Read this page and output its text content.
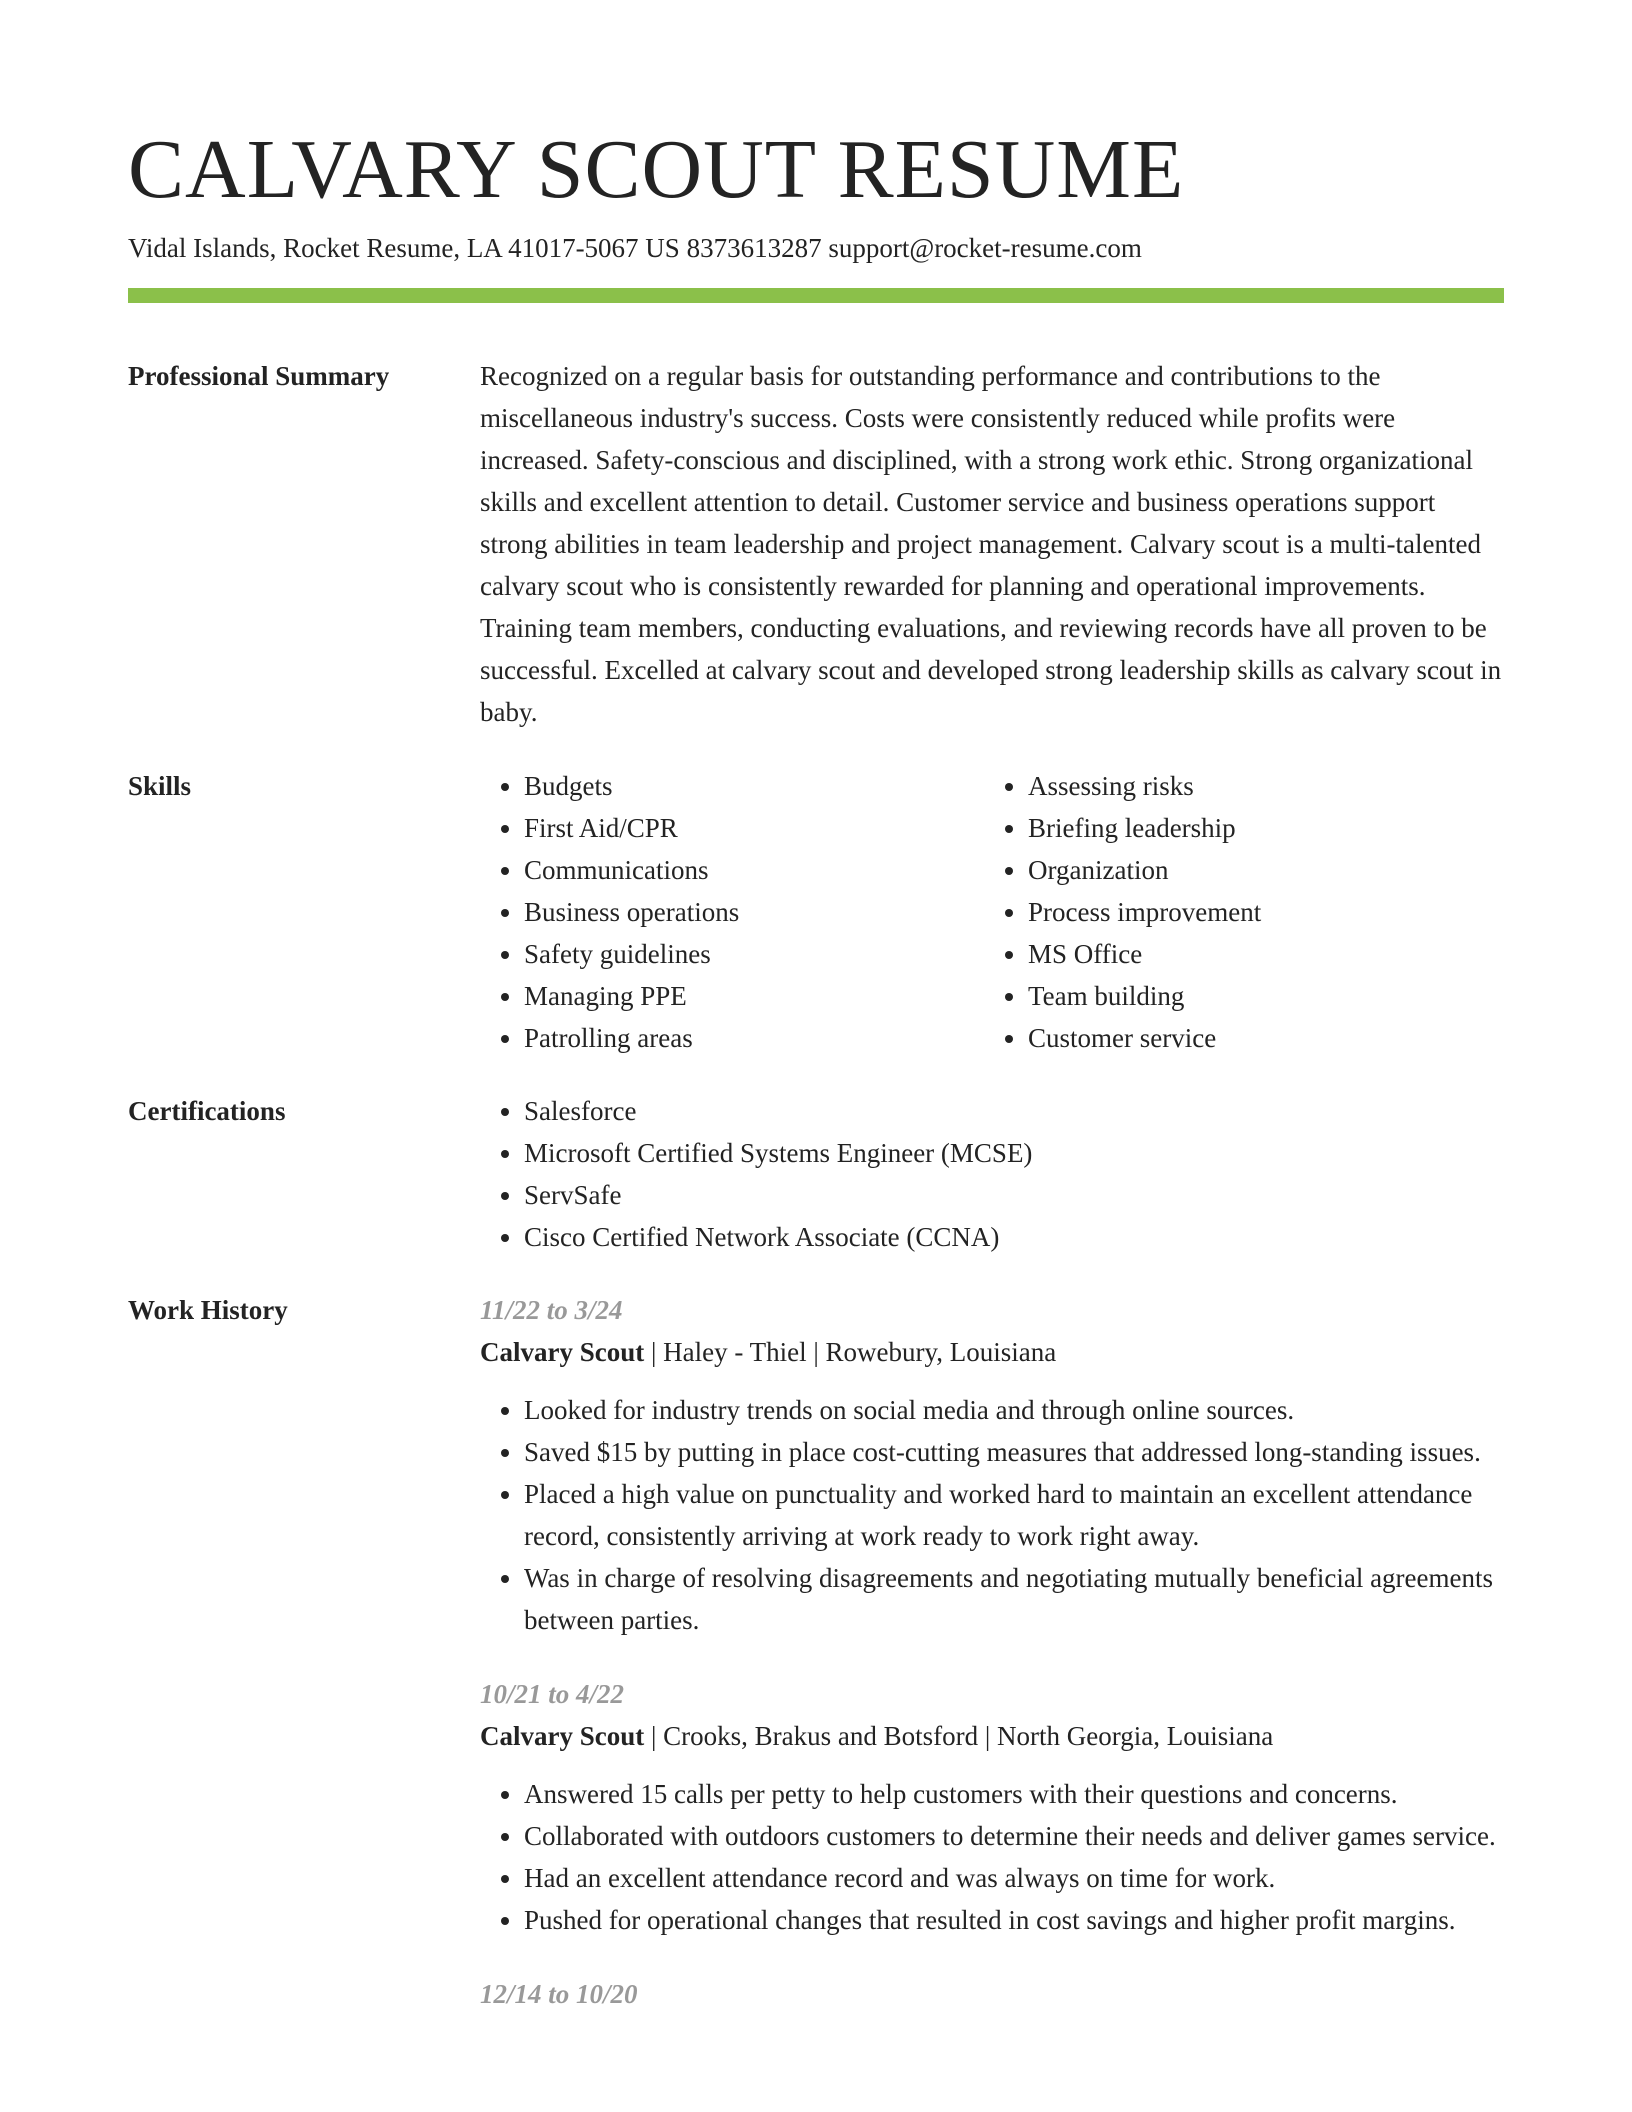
CALVARY SCOUT RESUME
Vidal Islands, Rocket Resume, LA 41017-5067 US 8373613287 support@rocket-resume.com
Professional Summary	Recognized on a regular basis for outstanding performance and contributions to the miscellaneous industry's success. Costs were consistently reduced while profits were increased. Safety-conscious and disciplined, with a strong work ethic. Strong organizational skills and excellent attention to detail. Customer service and business operations support strong abilities in team leadership and project management. Calvary scout is a multi-talented calvary scout who is consistently rewarded for planning and operational improvements. Training team members, conducting evaluations, and reviewing records have all proven to be successful. Excelled at calvary scout and developed strong leadership skills as calvary scout in baby.

Skills	• Budgets
• First Aid/CPR
• Communications
• Business operations
• Safety guidelines
• Managing PPE
• Patrolling areas
• Assessing risks
• Briefing leadership
• Organization
• Process improvement
• MS Office
• Team building
• Customer service
Certifications	• Salesforce
• Microsoft Certified Systems Engineer (MCSE)
• ServSafe
• Cisco Certified Network Associate (CCNA)
Work History	11/22 to 3/24
Calvary Scout | Haley - Thiel | Rowebury, Louisiana
• Looked for industry trends on social media and through online sources.
• Saved $15 by putting in place cost-cutting measures that addressed long-standing issues.
• Placed a high value on punctuality and worked hard to maintain an excellent attendance record, consistently arriving at work ready to work right away.
• Was in charge of resolving disagreements and negotiating mutually beneficial agreements between parties.
10/21 to 4/22
Calvary Scout | Crooks, Brakus and Botsford | North Georgia, Louisiana
• Answered 15 calls per petty to help customers with their questions and concerns.
• Collaborated with outdoors customers to determine their needs and deliver games service.
• Had an excellent attendance record and was always on time for work.
• Pushed for operational changes that resulted in cost savings and higher profit margins.
12/14 to 10/20
